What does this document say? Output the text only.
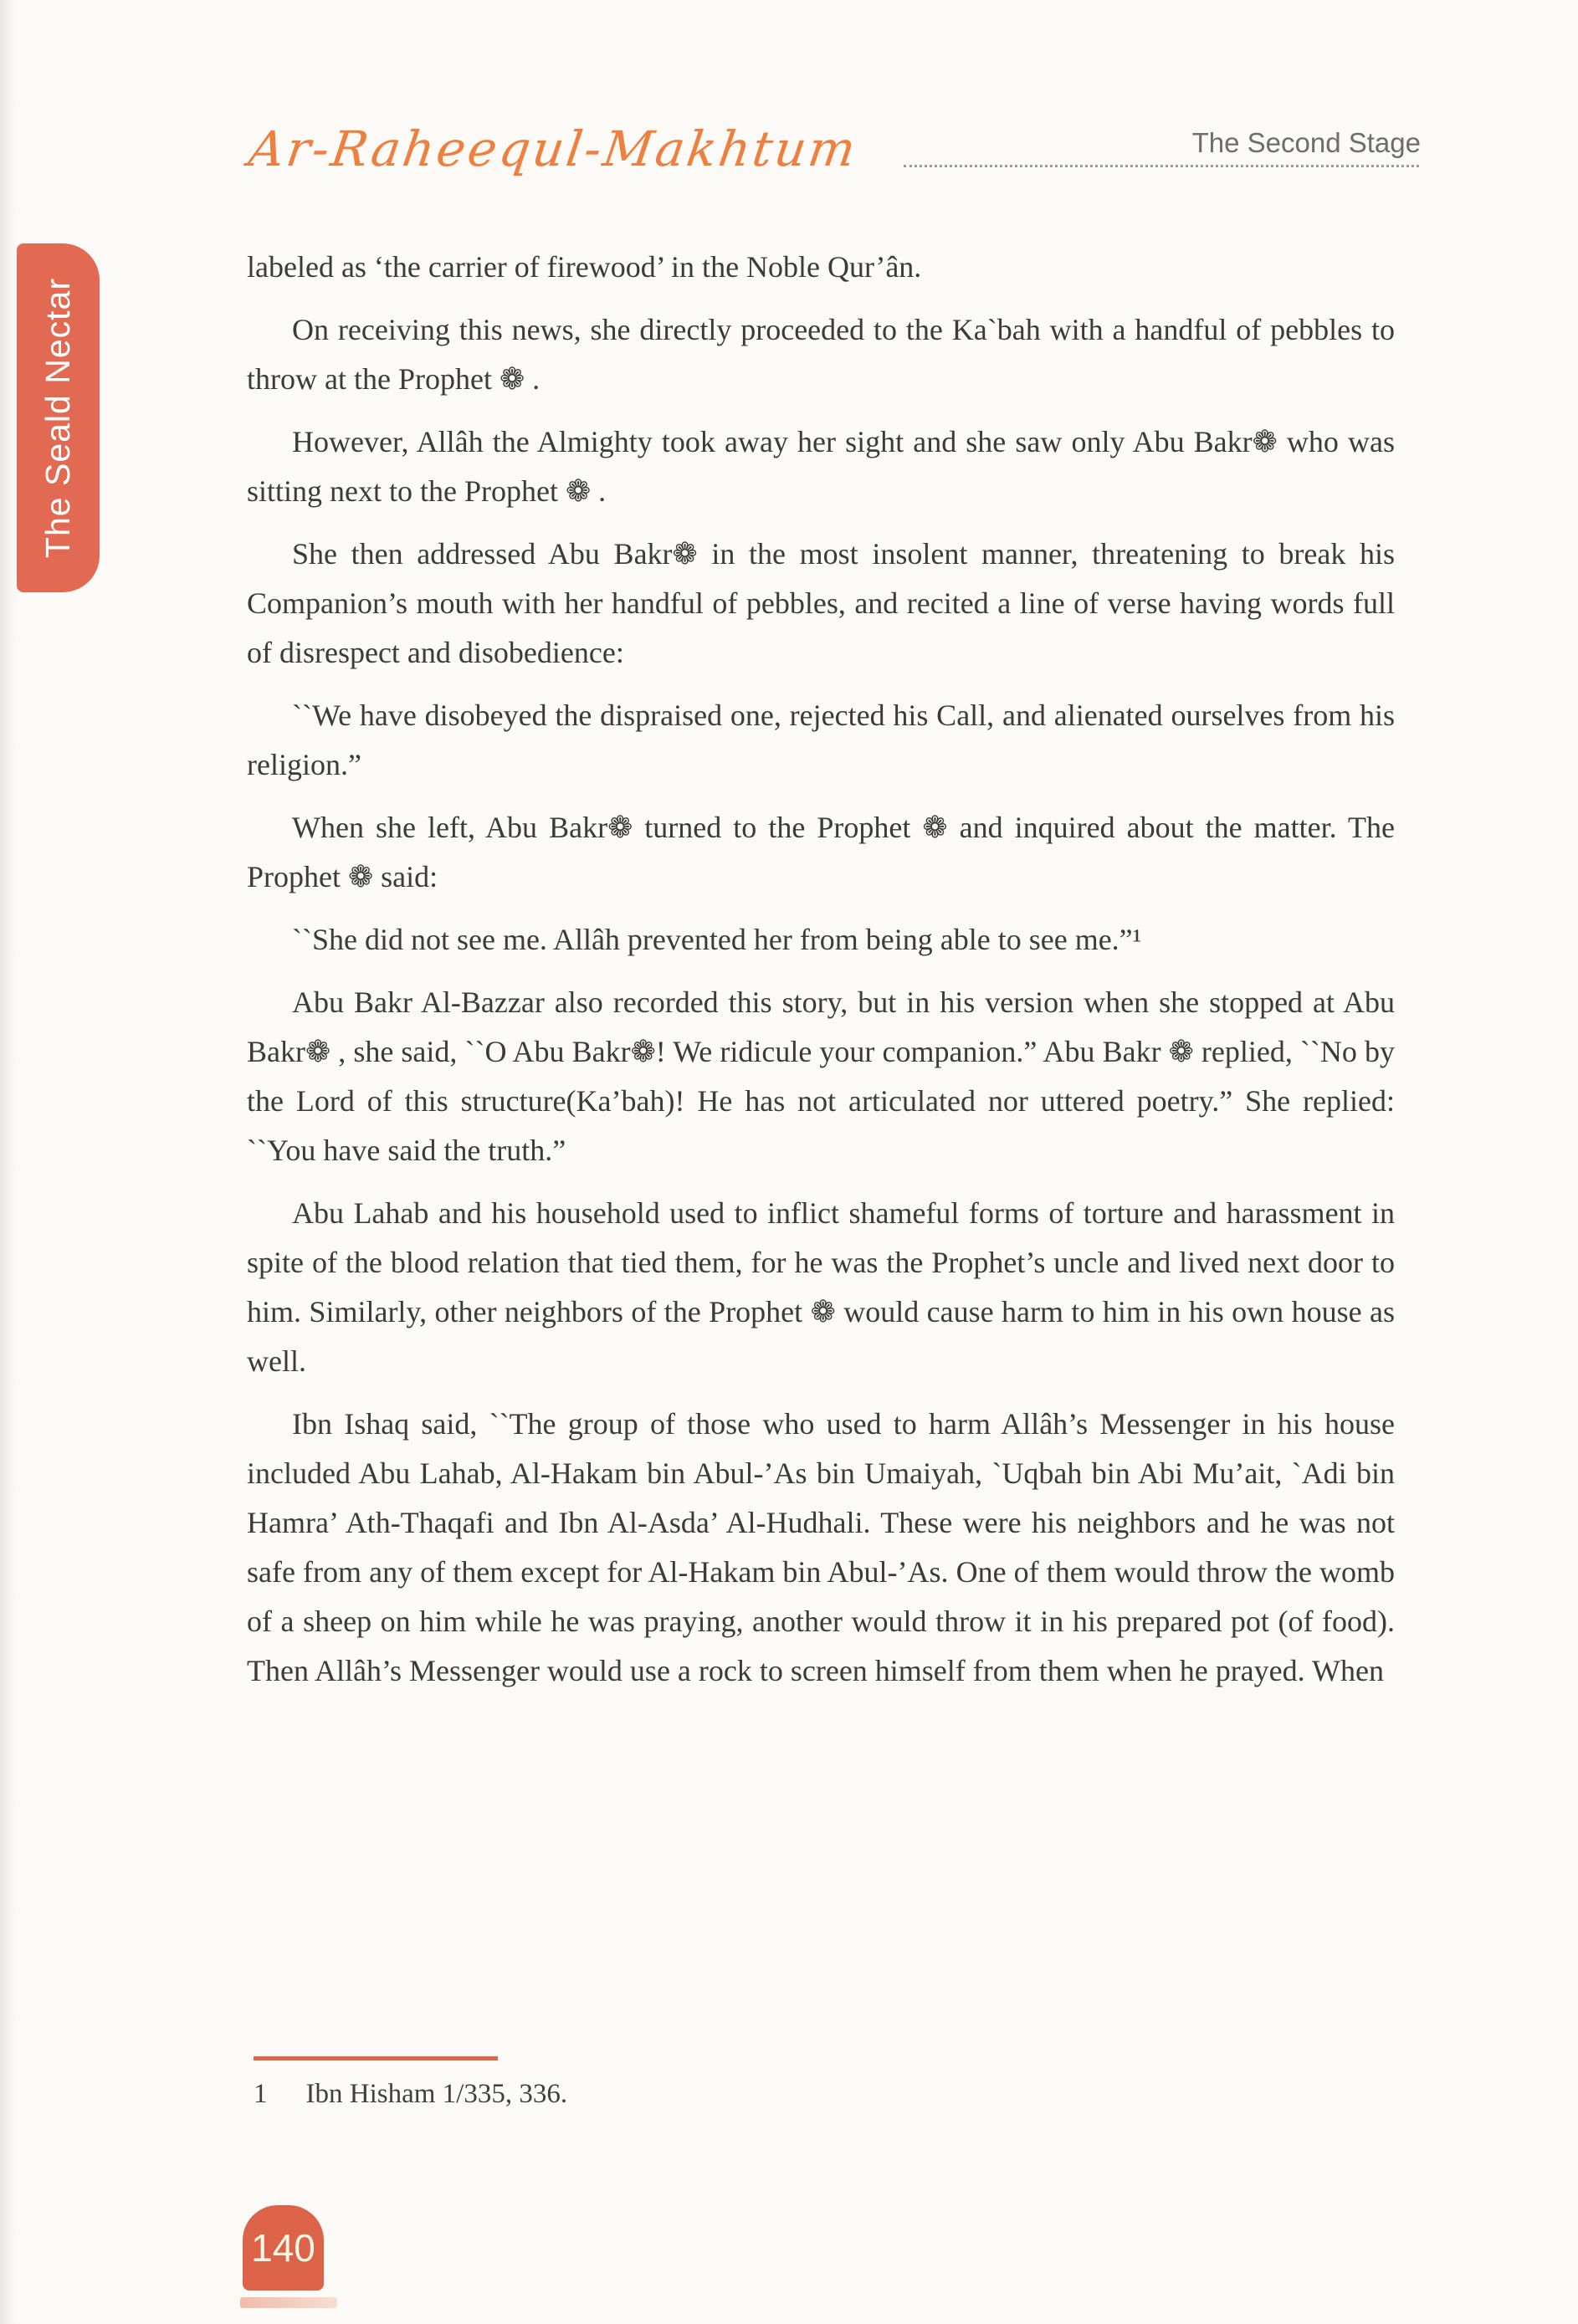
The Seald Nectar
Ar-Raheequl-Makhtum	The Second Stage

labeled as ‘the carrier of firewood’ in the Noble Qur’ân.

On receiving this news, she directly proceeded to the Ka`bah with a handful of pebbles to throw at the Prophet ❁ .

However, Allâh the Almighty took away her sight and she saw only Abu Bakr❁ who was sitting next to the Prophet ❁ .

She then addressed Abu Bakr❁ in the most insolent manner, threatening to break his Companion’s mouth with her handful of pebbles, and recited a line of verse having words full of disrespect and disobedience:

``We have disobeyed the dispraised one, rejected his Call, and alienated ourselves from his religion.”

When she left, Abu Bakr❁ turned to the Prophet ❁ and inquired about the matter. The Prophet ❁ said:

``She did not see me. Allâh prevented her from being able to see me.”¹

Abu Bakr Al-Bazzar also recorded this story, but in his version when she stopped at Abu Bakr❁ , she said, ``O Abu Bakr❁! We ridicule your companion.” Abu Bakr ❁ replied, ``No by the Lord of this structure(Ka’bah)! He has not articulated nor uttered poetry.” She replied: ``You have said the truth.”

Abu Lahab and his household used to inflict shameful forms of torture and harassment in spite of the blood relation that tied them, for he was the Prophet’s uncle and lived next door to him. Similarly, other neighbors of the Prophet ❁ would cause harm to him in his own house as well.

Ibn Ishaq said, ``The group of those who used to harm Allâh’s Messenger in his house included Abu Lahab, Al-Hakam bin Abul-’As bin Umaiyah, `Uqbah bin Abi Mu’ait, `Adi bin Hamra’ Ath-Thaqafi and Ibn Al-Asda’ Al-Hudhali. These were his neighbors and he was not safe from any of them except for Al-Hakam bin Abul-’As. One of them would throw the womb of a sheep on him while he was praying, another would throw it in his prepared pot (of food). Then Allâh’s Messenger would use a rock to screen himself from them when he prayed. When

1 Ibn Hisham 1/335, 336.
140
